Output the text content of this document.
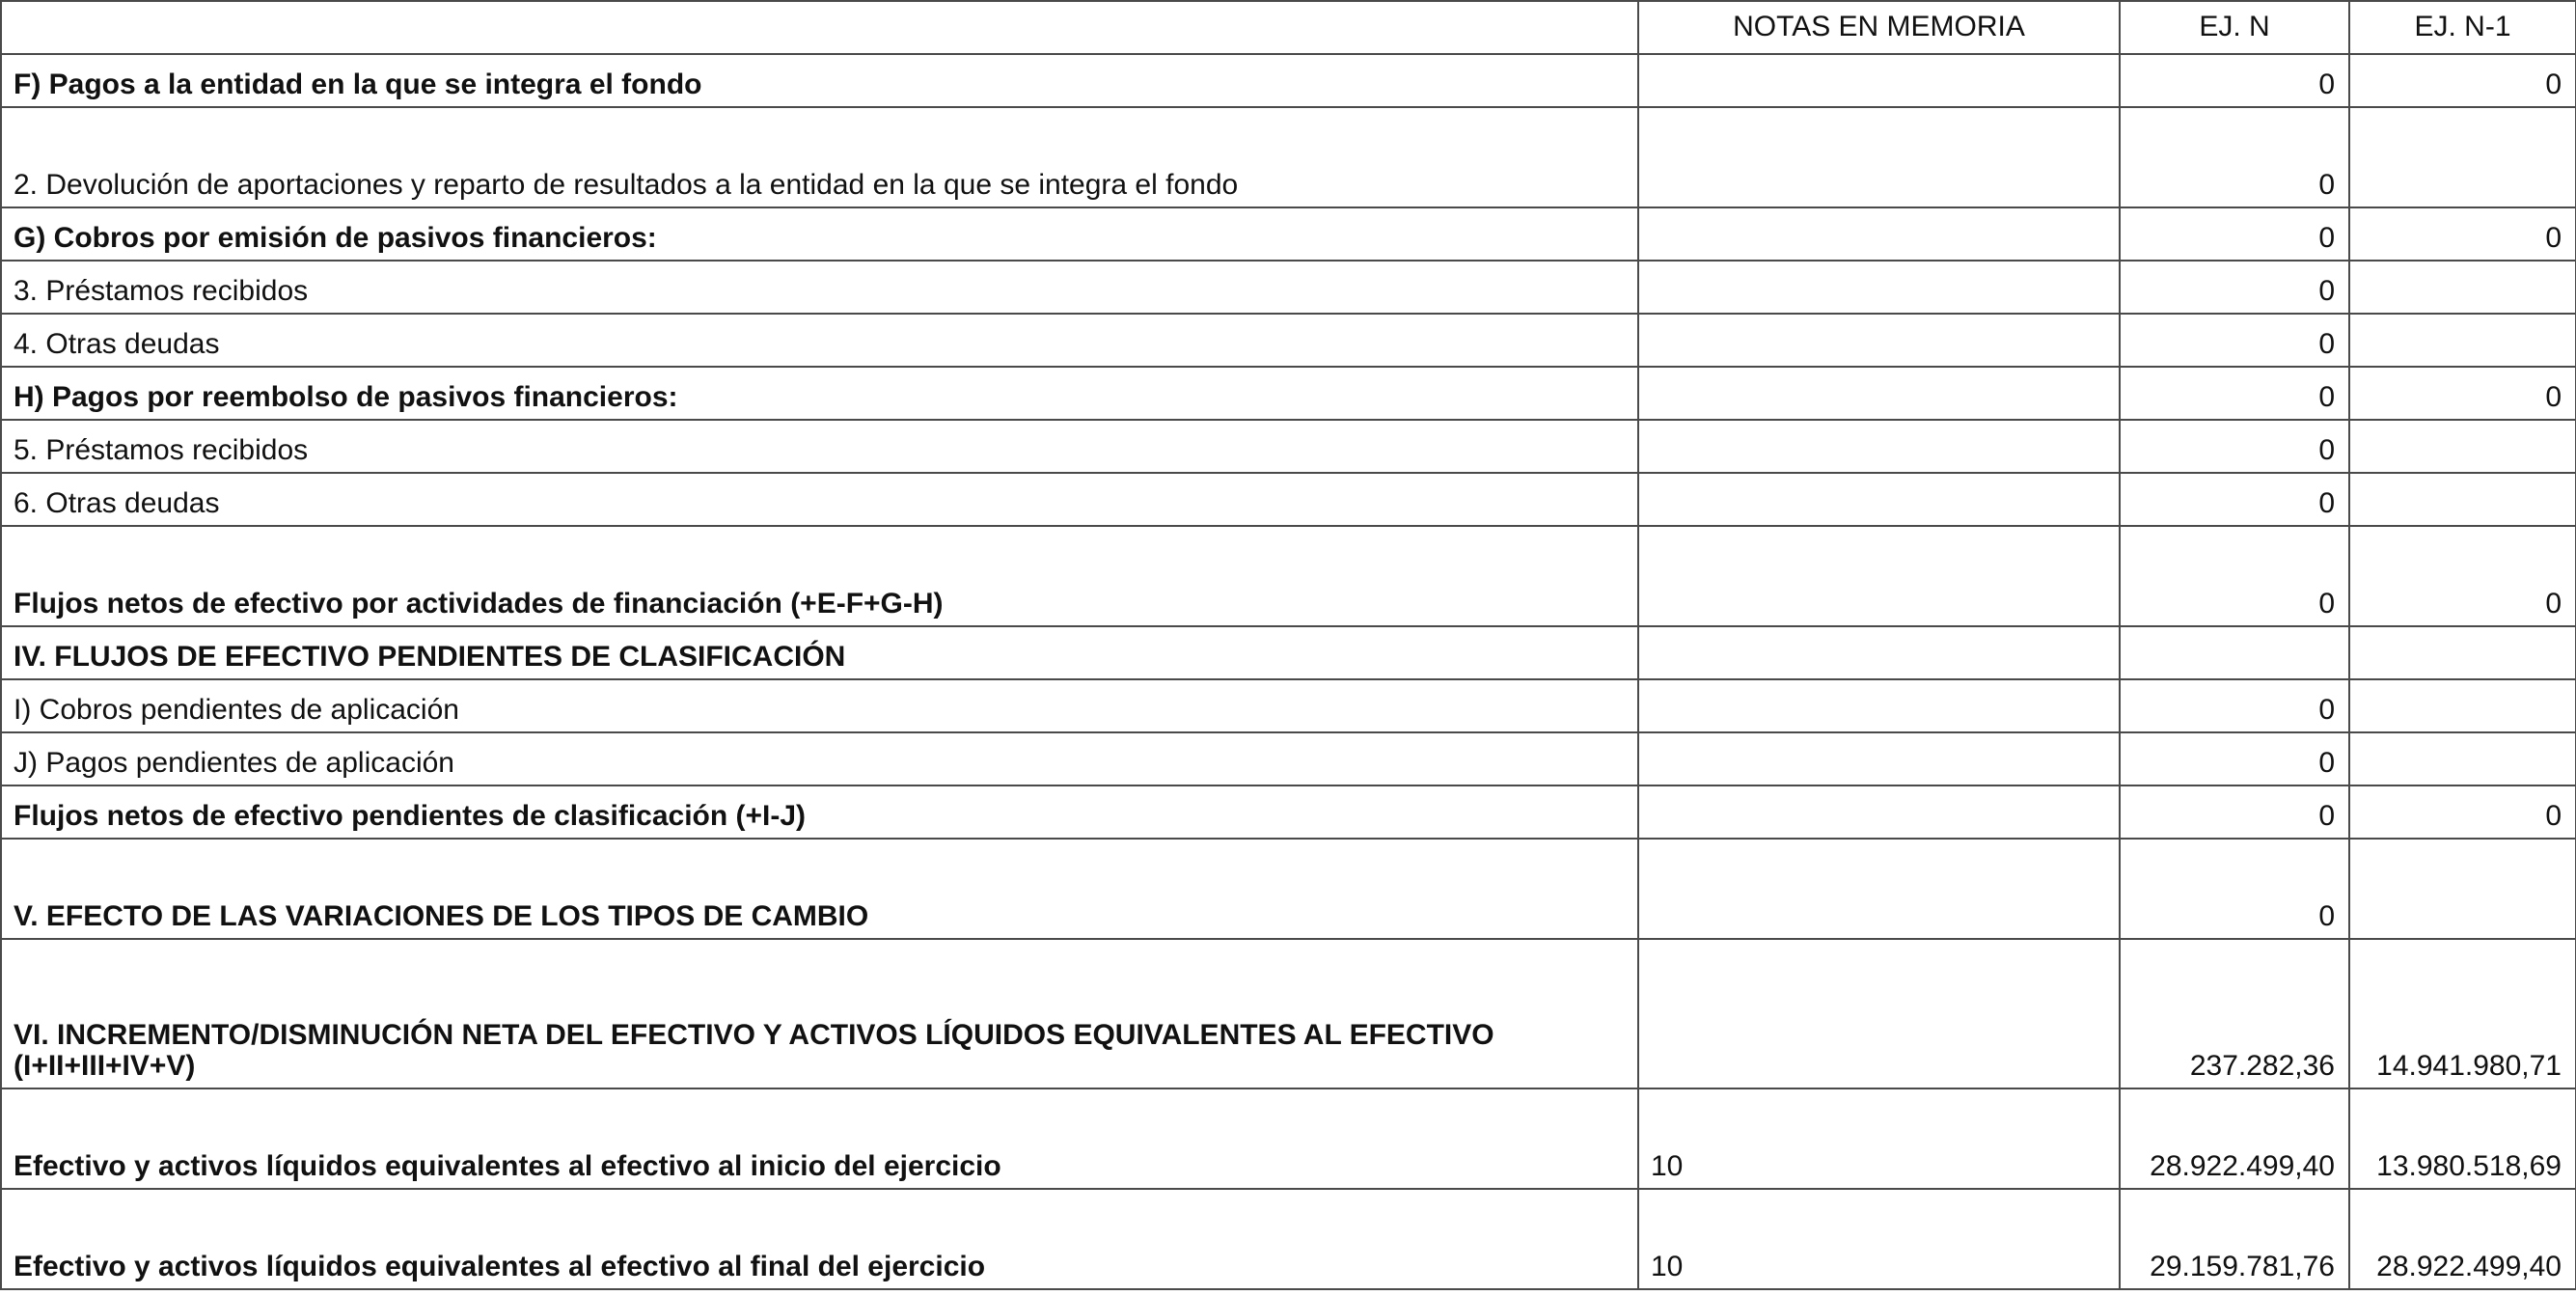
	NOTAS EN MEMORIA	EJ. N	EJ. N-1
F) Pagos a la entidad en la que se integra el fondo		0	0
2. Devolución de aportaciones y reparto de resultados a la entidad en la que se integra el fondo		0	
G) Cobros por emisión de pasivos financieros:		0	0
3. Préstamos recibidos		0	
4. Otras deudas		0	
H) Pagos por reembolso de pasivos financieros:		0	0
5. Préstamos recibidos		0	
6. Otras deudas		0	
Flujos netos de efectivo por actividades de financiación (+E-F+G-H)		0	0
IV. FLUJOS DE EFECTIVO PENDIENTES DE CLASIFICACIÓN			
I) Cobros pendientes de aplicación		0	
J) Pagos pendientes de aplicación		0	
Flujos netos de efectivo pendientes de clasificación (+I-J)		0	0
V. EFECTO DE LAS VARIACIONES DE LOS TIPOS DE CAMBIO		0	
VI. INCREMENTO/DISMINUCIÓN NETA DEL EFECTIVO Y ACTIVOS LÍQUIDOS EQUIVALENTES AL EFECTIVO (I+II+III+IV+V)		237.282,36	14.941.980,71
Efectivo y activos líquidos equivalentes al efectivo al inicio del ejercicio	10	28.922.499,40	13.980.518,69
Efectivo y activos líquidos equivalentes al efectivo al final del ejercicio	10	29.159.781,76	28.922.499,40
